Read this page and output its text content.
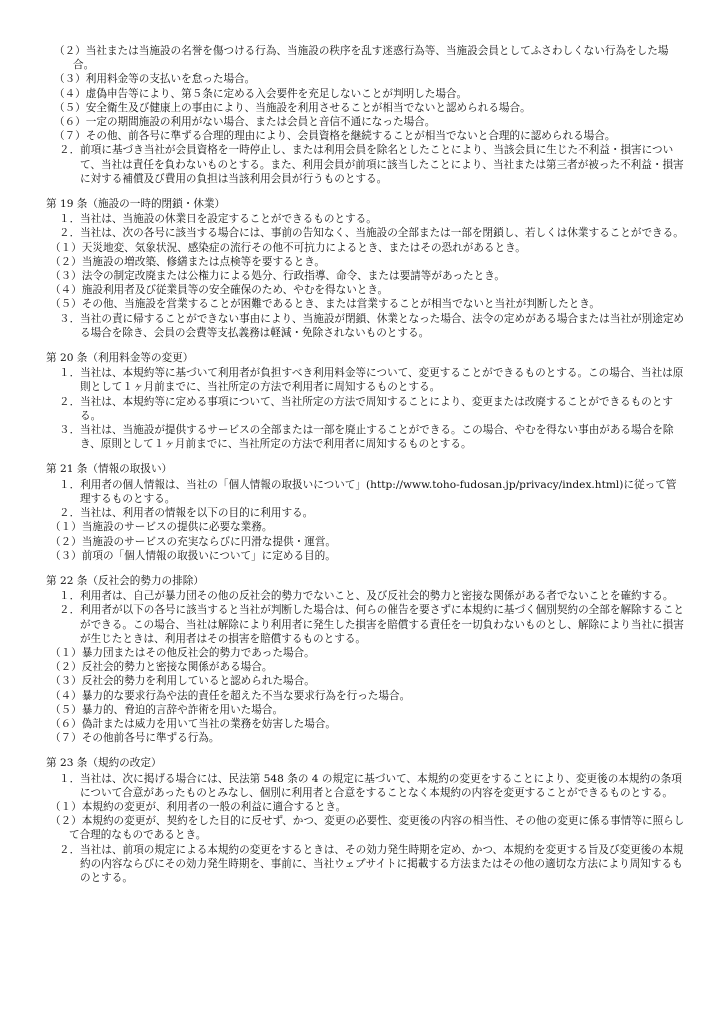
（２）当社または当施設の名誉を傷つける行為、当施設の秩序を乱す迷惑行為等、当施設会員としてふさわしくない行為をした場合。
（３）利用料金等の支払いを怠った場合。
（４）虚偽申告等により、第５条に定める入会要件を充足しないことが判明した場合。
（５）安全衛生及び健康上の事由により、当施設を利用させることが相当でないと認められる場合。
（６）一定の期間施設の利用がない場合、または会員と音信不通になった場合。
（７）その他、前各号に準ずる合理的理由により、会員資格を継続することが相当でないと合理的に認められる場合。
２．前項に基づき当社が会員資格を一時停止し、または利用会員を除名としたことにより、当該会員に生じた不利益・損害について、当社は責任を負わないものとする。また、利用会員が前項に該当したことにより、当社または第三者が被った不利益・損害に対する補償及び費用の負担は当該利用会員が行うものとする。
第 19 条（施設の一時的閉鎖・休業）
１．当社は、当施設の休業日を設定することができるものとする。
２．当社は、次の各号に該当する場合には、事前の告知なく、当施設の全部または一部を閉鎖し、若しくは休業することができる。
（１）天災地変、気象状況、感染症の流行その他不可抗力によるとき、またはその恐れがあるとき。
（２）当施設の増改築、修繕または点検等を要するとき。
（３）法令の制定改廃または公権力による処分、行政指導、命令、または要請等があったとき。
（４）施設利用者及び従業員等の安全確保のため、やむを得ないとき。
（５）その他、当施設を営業することが困難であるとき、または営業することが相当でないと当社が判断したとき。
３．当社の責に帰することができない事由により、当施設が閉鎖、休業となった場合、法令の定めがある場合または当社が別途定める場合を除き、会員の会費等支払義務は軽減・免除されないものとする。
第 20 条（利用料金等の変更）
１．当社は、本規約等に基づいて利用者が負担すべき利用料金等について、変更することができるものとする。この場合、当社は原則として１ヶ月前までに、当社所定の方法で利用者に周知するものとする。
２．当社は、本規約等に定める事項について、当社所定の方法で周知することにより、変更または改廃することができるものとする。
３．当社は、当施設が提供するサービスの全部または一部を廃止することができる。この場合、やむを得ない事由がある場合を除き、原則として１ヶ月前までに、当社所定の方法で利用者に周知するものとする。
第 21 条（情報の取扱い）
１．利用者の個人情報は、当社の「個人情報の取扱いについて」(http://www.toho-fudosan.jp/privacy/index.html)に従って管理するものとする。
２．当社は、利用者の情報を以下の目的に利用する。
（１）当施設のサービスの提供に必要な業務。
（２）当施設のサービスの充実ならびに円滑な提供・運営。
（３）前項の「個人情報の取扱いについて」に定める目的。
第 22 条（反社会的勢力の排除）
１．利用者は、自己が暴力団その他の反社会的勢力でないこと、及び反社会的勢力と密接な関係がある者でないことを確約する。
２．利用者が以下の各号に該当すると当社が判断した場合は、何らの催告を要さずに本規約に基づく個別契約の全部を解除することができる。この場合、当社は解除により利用者に発生した損害を賠償する責任を一切負わないものとし、解除により当社に損害が生じたときは、利用者はその損害を賠償するものとする。
（１）暴力団またはその他反社会的勢力であった場合。
（２）反社会的勢力と密接な関係がある場合。
（３）反社会的勢力を利用していると認められた場合。
（４）暴力的な要求行為や法的責任を超えた不当な要求行為を行った場合。
（５）暴力的、脅迫的言辞や詐術を用いた場合。
（６）偽計または威力を用いて当社の業務を妨害した場合。
（７）その他前各号に準ずる行為。
第 23 条（規約の改定）
１．当社は、次に掲げる場合には、民法第 548 条の 4 の規定に基づいて、本規約の変更をすることにより、変更後の本規約の条項について合意があったものとみなし、個別に利用者と合意をすることなく本規約の内容を変更することができるものとする。
（１）本規約の変更が、利用者の一般の利益に適合するとき。
（２）本規約の変更が、契約をした目的に反せず、かつ、変更の必要性、変更後の内容の相当性、その他の変更に係る事情等に照らして合理的なものであるとき。
２．当社は、前項の規定による本規約の変更をするときは、その効力発生時期を定め、かつ、本規約を変更する旨及び変更後の本規約の内容ならびにその効力発生時期を、事前に、当社ウェブサイトに掲載する方法またはその他の適切な方法により周知するものとする。
